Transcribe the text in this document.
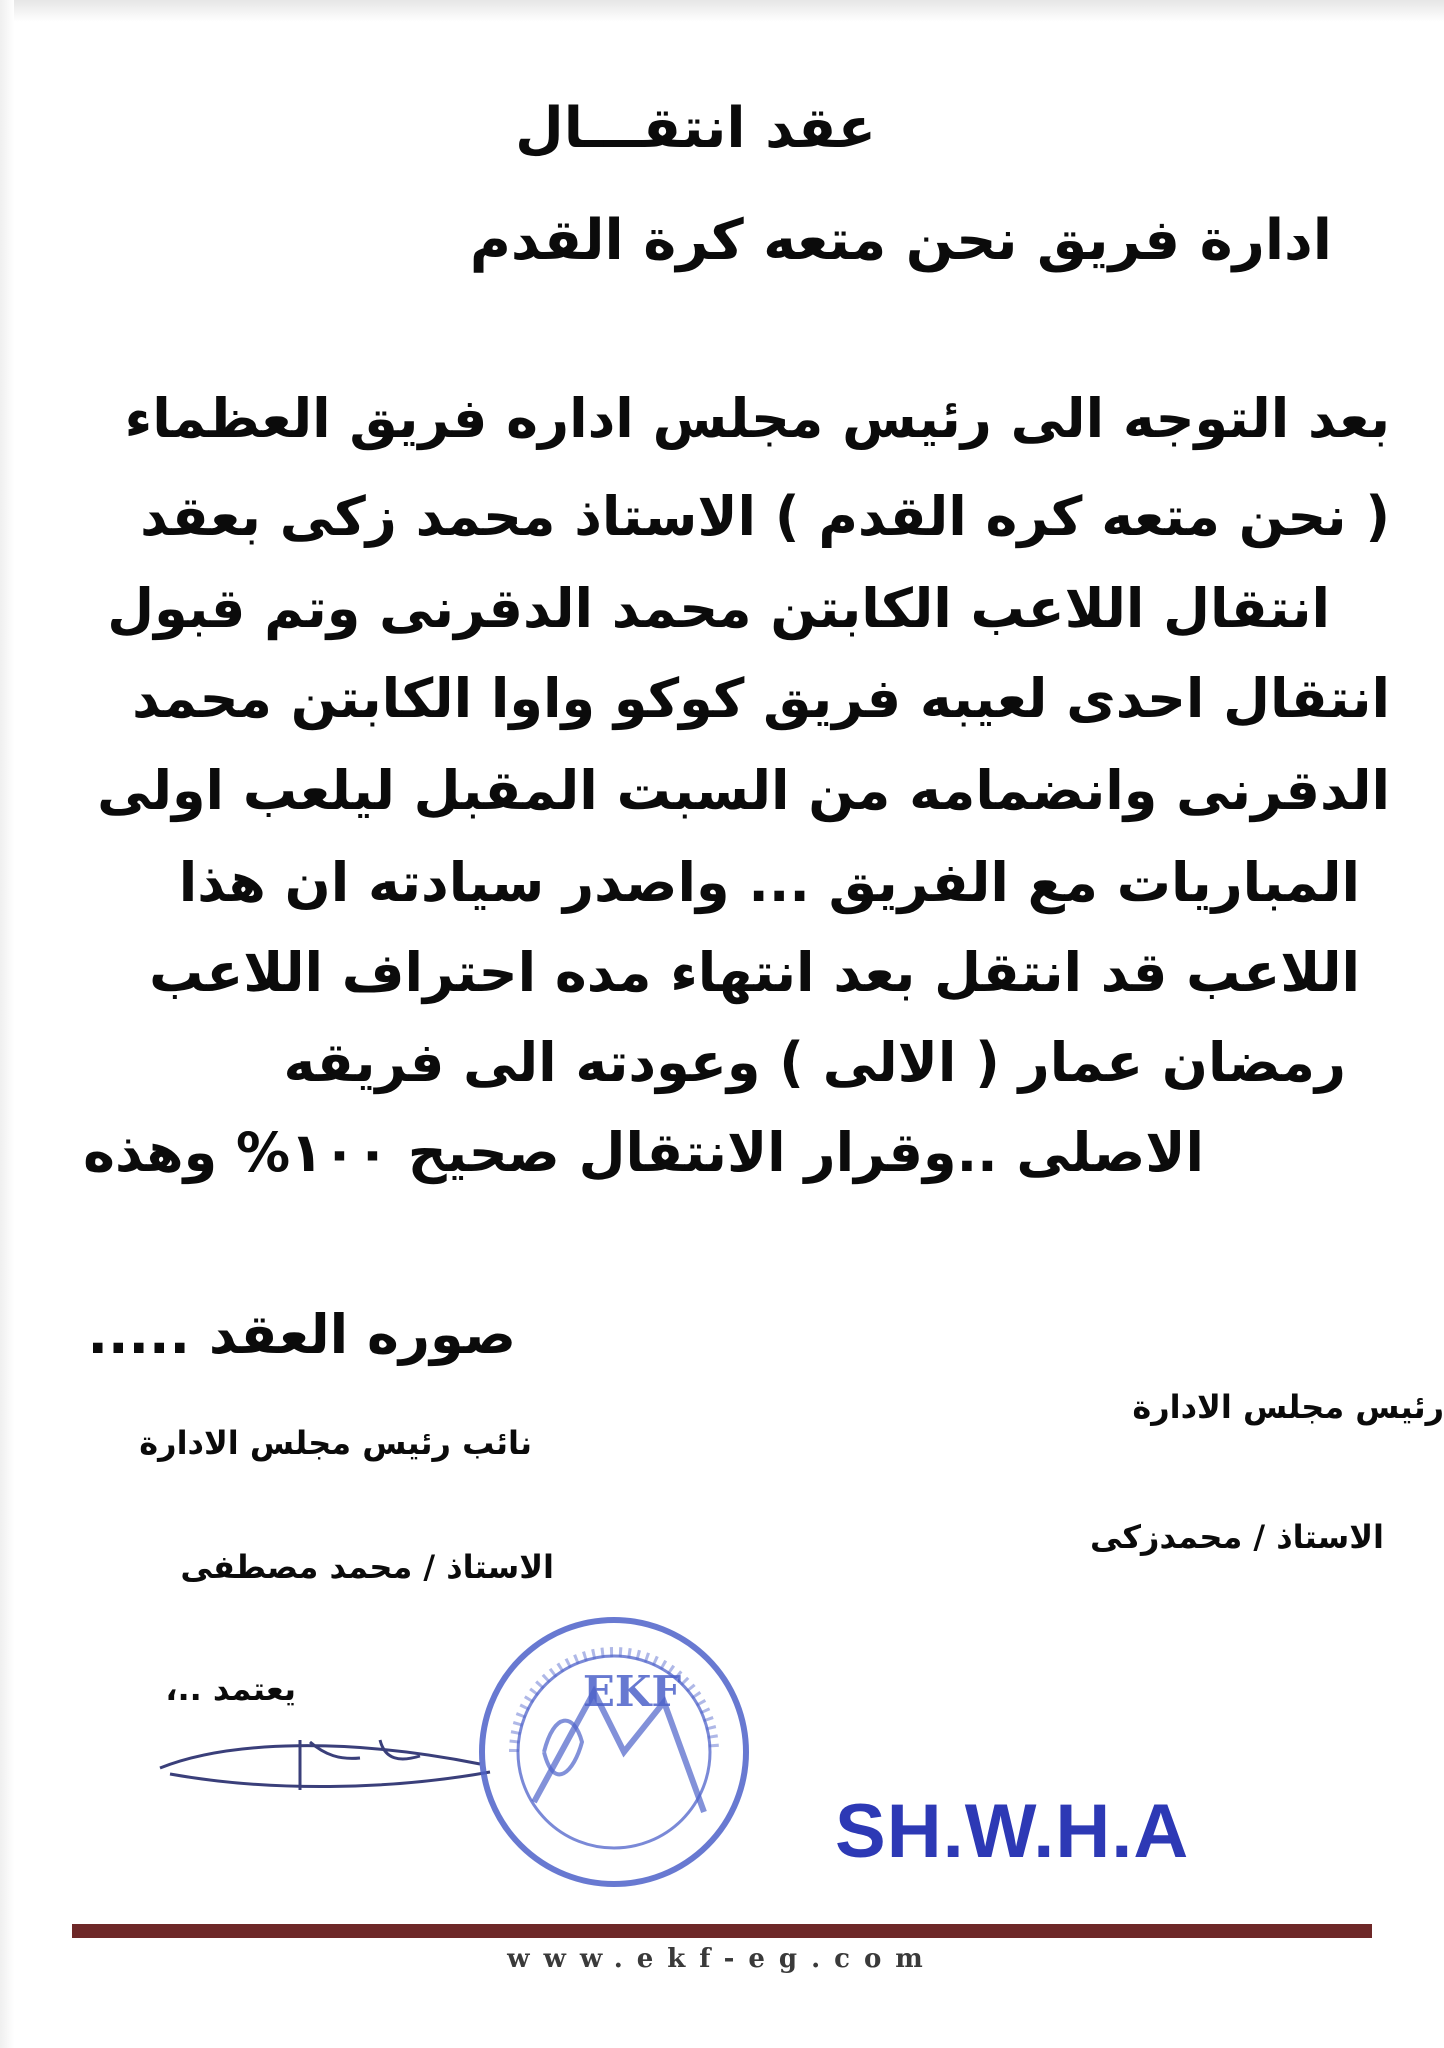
عقد انتقـــال
ادارة فريق نحن متعه كرة القدم
بعد التوجه الى رئيس مجلس اداره فريق العظماء
( نحن متعه كره القدم ) الاستاذ محمد زكى بعقد
انتقال اللاعب الكابتن محمد الدقرنى وتم قبول
انتقال احدى لعيبه فريق كوكو واوا الكابتن محمد
الدقرنى وانضمامه من السبت المقبل ليلعب اولى
المباريات مع الفريق ... واصدر سيادته ان هذا
اللاعب قد انتقل بعد انتهاء مده احتراف اللاعب
رمضان عمار ( الالى ) وعودته الى فريقه
الاصلى ..وقرار الانتقال صحيح ١٠٠% وهذه
صوره العقد .....
رئيس مجلس الادارة
نائب رئيس مجلس الادارة
الاستاذ / محمدزكى
الاستاذ / محمد مصطفى
يعتمد ..،	EKF
SH.W.H.A
www.ekf-eg.com
